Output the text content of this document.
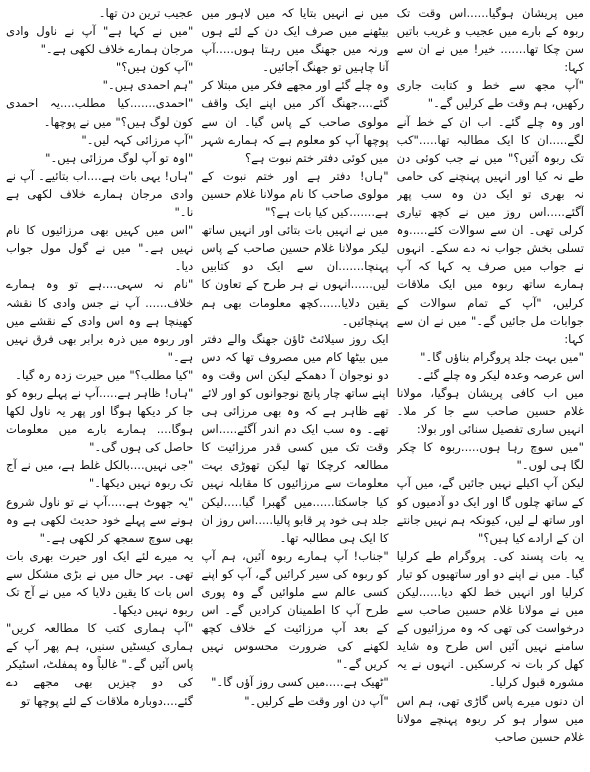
عجیب ترین دن تھا۔

"میں نے کہا ہے" آپ نے ناول وادی مرجان ہمارے خلاف لکھی ہے۔"

"آپ کون ہیں؟"

"ہم احمدی ہیں۔"

"احمدی.......کیا مطلب....یہ احمدی کون لوگ ہیں؟" میں نے پوچھا۔

"آپ مرزائی کہہ لیں۔"

"اوہ تو آپ لوگ مرزائی ہیں۔"

"ہاں! یہی بات ہے....اب بتائیے۔ آپ نے وادی مرجان ہمارے خلاف لکھی ہے نا۔"

"اس میں کہیں بھی مرزائیوں کا نام نہیں ہے۔" میں نے گول مول جواب دیا۔

"نام نہ سہی....ہے تو وہ ہمارے خلاف...... آپ نے جس وادی کا نقشہ کھینچا ہے وہ اس وادی کے نقشے میں اور ربوہ میں ذرہ برابر بھی فرق نہیں ہے۔"

"کیا مطلب؟" میں حیرت زدہ رہ گیا۔

"ہاں! ظاہر ہے.....آپ نے پہلے ربوہ کو جا کر دیکھا ہوگا اور پھر یہ ناول لکھا ہوگا.... ہمارے بارے میں معلومات حاصل کی ہوں گی۔"

"جی نہیں....بالکل غلط ہے، میں نے آج تک ربوہ نہیں دیکھا۔"

"یہ جھوٹ ہے.....آپ نے تو ناول شروع ہونے سے پہلے خود حدیث لکھی ہے وہ بھی سوچ سمجھ کر لکھی ہے۔"

یہ میرے لئے ایک اور حیرت بھری بات تھی۔ بہر حال میں نے بڑی مشکل سے اس بات کا یقین دلایا کہ میں نے آج تک ربوہ نہیں دیکھا۔

"آپ ہماری کتب کا مطالعہ کریں" ہماری کیسٹیں سنیں، ہم پھر آپ کے پاس آئیں گے۔" غالباً وہ پمفلٹ، اسٹیکر کی دو چیزیں بھی مجھے دے گئے....دوبارہ ملاقات کے لئے پوچھا تو

میں نے انہیں بتایا کہ میں لاہور میں بیٹھنے میں صرف ایک دن کے لئے ہوں ورنہ میں جھنگ میں رہتا ہوں.....آپ آنا چاہیں تو جھنگ آجائیں۔

وہ چلے گئے اور مجھے فکر میں مبتلا کر گئے....جھنگ آکر میں اپنے ایک واقف مولوی صاحب کے پاس گیا۔ ان سے پوچھا آپ کو معلوم ہے کہ ہمارے شہر میں کوئی دفتر ختم نبوت ہے؟

"ہاں! دفتر ہے اور ختم نبوت کے مولوی صاحب کا نام مولانا غلام حسین ہے.......کیں کیا بات ہے؟"

میں نے انہیں بات بتائی اور انہیں ساتھ لیکر مولانا غلام حسین صاحب کے پاس پہنچا.......ان سے ایک دو کتابیں لیں......انہوں نے ہر طرح کے تعاون کا یقین دلایا......کچھ معلومات بھی ہم پہنچائیں۔

ایک روز سیلائٹ ٹاؤن جھنگ والے دفتر میں بیٹھا کام میں مصروف تھا کہ دس دو نوجوان آ دھمکے لیکن اس وقت وہ اپنے ساتھ چار پانچ نوجوانوں کو اور لائے تھے ظاہر ہے کہ وہ بھی مرزائی ہی تھے۔ وہ سب ایک دم اندر آگئے.....اس وقت تک میں کسی قدر مرزائیت کا مطالعہ کرچکا تھا لیکن تھوڑی بہت معلومات سے مرزائیوں کا مقابلہ نہیں کیا جاسکتا......میں گھبرا گیا.....لیکن جلد ہی خود پر قابو پالیا.....اس روز ان کا ایک ہی مطالبہ تھا۔

"جناب! آپ ہمارے ربوہ آئیں، ہم آپ کو ربوہ کی سیر کرائیں گے، آپ کو اپنے کسی عالم سے ملوائیں گے وہ پوری طرح آپ کا اطمینان کرادیں گے۔ اس کے بعد آپ مرزائیت کے خلاف کچھ لکھنے کی ضرورت محسوس نہیں کریں گے۔"

"ٹھیک ہے.....میں کسی روز آؤں گا۔"

"آپ دن اور وقت طے کرلیں۔"

میں پریشان ہوگیا......اس وقت تک ربوہ کے بارے میں عجیب و غریب باتیں سن چکا تھا....... خیر! میں نے ان سے کہا:

"آپ مجھ سے خط و کتابت جاری رکھیں، ہم وقت طے کرلیں گے۔"

اور وہ چلے گئے۔ اب ان کے خط آنے لگے.....ان کا ایک مطالبہ تھا....."کب تک ربوہ آئیں؟" میں نے جب کوئی دن طے نہ کیا اور انہیں پہنچنے کی حامی نہ بھری تو ایک دن وہ سب پھر آگئے.....اس روز میں نے کچھ تیاری کرلی تھی۔ ان سے سوالات کئے.....وہ تسلی بخش جواب نہ دے سکے۔ انہوں نے جواب میں صرف یہ کہا کہ آپ ہمارے ساتھ ربوہ میں ایک ملاقات کرلیں، "آپ کے تمام سوالات کے جوابات مل جائیں گے۔" میں نے ان سے کہا:

"میں بہت جلد پروگرام بناؤں گا۔"

اس عرصہ وعدہ لیکر وہ چلے گئے۔

میں اب کافی پریشان ہوگیا، مولانا غلام حسین صاحب سے جا کر ملا۔ انہیں ساری تفصیل سنائی اور بولا:

"میں سوچ رہا ہوں.....ربوہ کا چکر لگا ہی لوں۔"

لیکن آپ اکیلے نہیں جائیں گے، میں آپ کے ساتھ چلوں گا اور ایک دو آدمیوں کو اور ساتھ لے لیں، کیونکہ ہم نہیں جانتے ان کے ارادے کیا ہیں؟"

یہ بات پسند کی۔ پروگرام طے کرلیا گیا۔ میں نے اپنے دو اور ساتھیوں کو تیار کرلیا اور انہیں خط لکھ دیا......لیکن میں نے مولانا غلام حسین صاحب سے درخواست کی تھی کہ وہ مرزائیوں کے سامنے نہیں آئیں اس طرح وہ شاید کھل کر بات نہ کرسکیں۔ انہوں نے یہ مشورہ قبول کرلیا۔

ان دنوں میرے پاس گاڑی تھی، ہم اس میں سوار ہو کر ربوہ پہنچے مولانا غلام حسین صاحب
